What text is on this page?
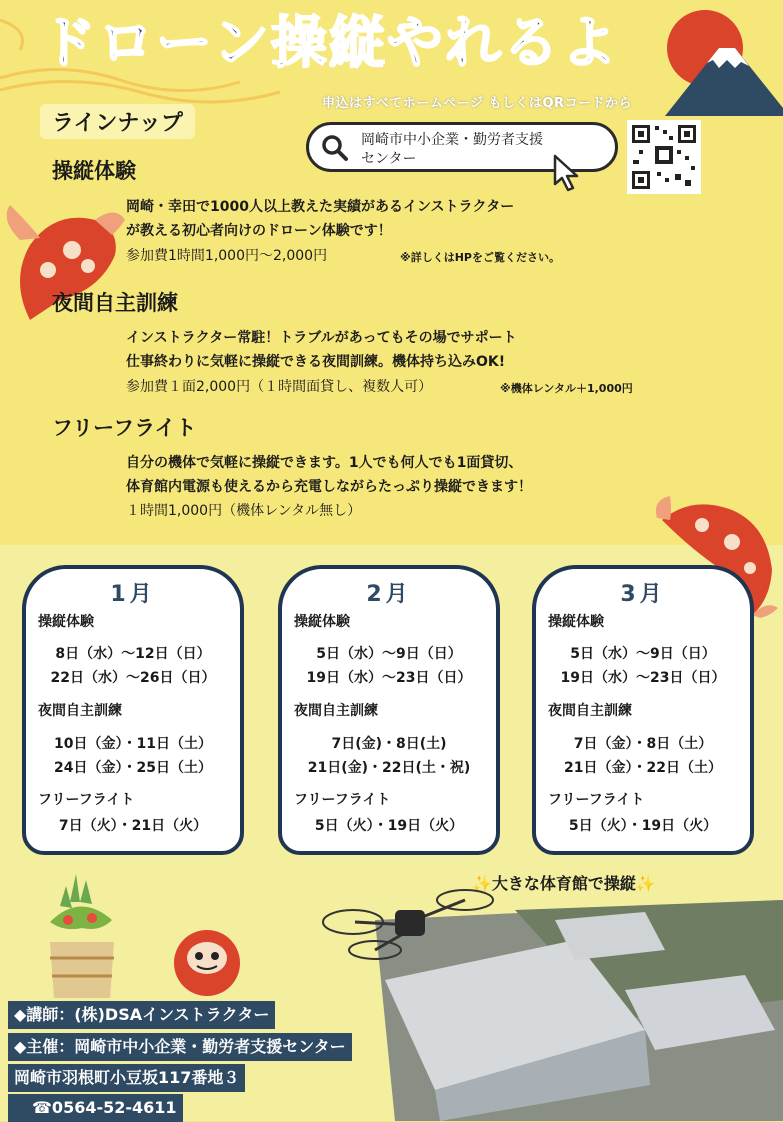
ドローン操縦やれるよ
申込はすべてホームページ もしくはQRコードから
ラインナップ
岡崎市中小企業・勤労者支援
センター
操縦体験
岡崎・幸田で1000人以上教えた実績があるインストラクター
が教える初心者向けのドローン体験です！
参加費1時間1,000円〜2,000円	※詳しくはHPをご覧ください。
夜間自主訓練
インストラクター常駐！トラブルがあってもその場でサポート
仕事終わりに気軽に操縦できる夜間訓練。機体持ち込みOK!
参加費１面2,000円（１時間面貸し、複数人可）	※機体レンタル＋1,000円
フリーフライト
自分の機体で気軽に操縦できます。1人でも何人でも1面貸切、
体育館内電源も使えるから充電しながらたっぷり操縦できます！
１時間1,000円（機体レンタル無し）
1月
操縦体験
8日（水）〜12日（日）
22日（水）〜26日（日）
夜間自主訓練
10日（金）・11日（土）
24日（金）・25日（土）
フリーフライト
7日（火）・21日（火）
2月
操縦体験
5日（水）〜9日（日）
19日（水）〜23日（日）
夜間自主訓練
7日(金)・8日(土)
21日(金)・22日(土・祝)
フリーフライト
5日（火）・19日（火）
3月
操縦体験
5日（水）〜9日（日）
19日（水）〜23日（日）
夜間自主訓練
7日（金）・8日（土）
21日（金）・22日（土）
フリーフライト
5日（火）・19日（火）
✨大きな体育館で操縦✨
◆講師：(株)DSAインストラクター
◆主催：岡崎市中小企業・勤労者支援センター
岡崎市羽根町小豆坂117番地３
☎0564-52-4611
